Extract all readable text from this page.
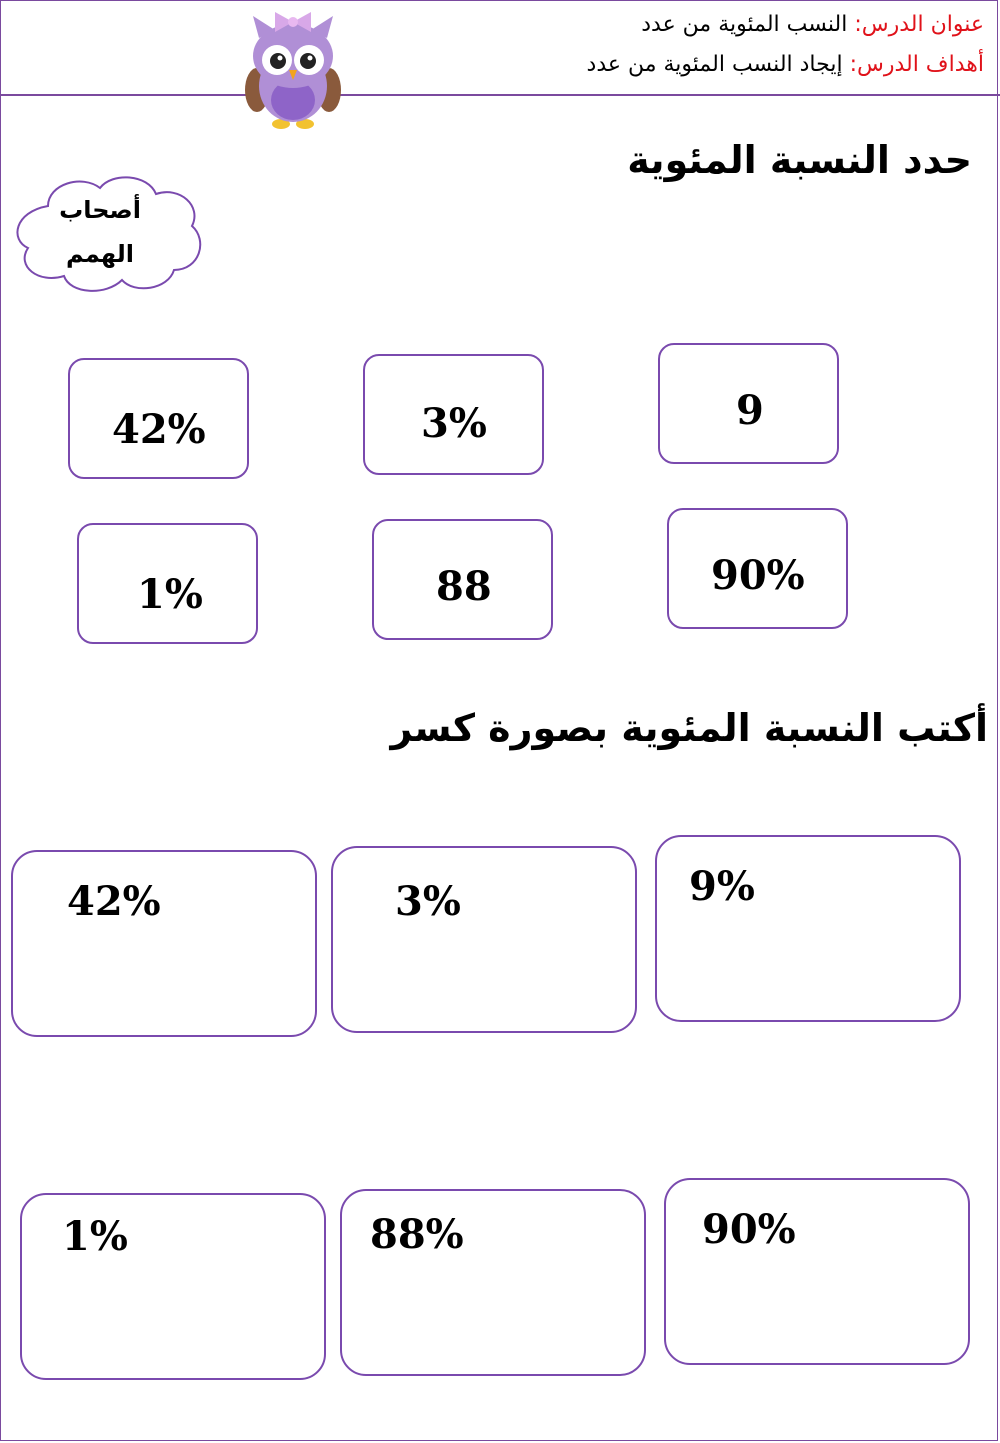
عنوان الدرس: النسب المئوية من عدد
أهداف الدرس: إيجاد النسب المئوية من عدد
أصحاب
الهمم
حدد النسبة المئوية
42%	3%	9
1%	88	90%
أكتب النسبة المئوية بصورة كسر
42%	3%	9%
1%	88%	90%
